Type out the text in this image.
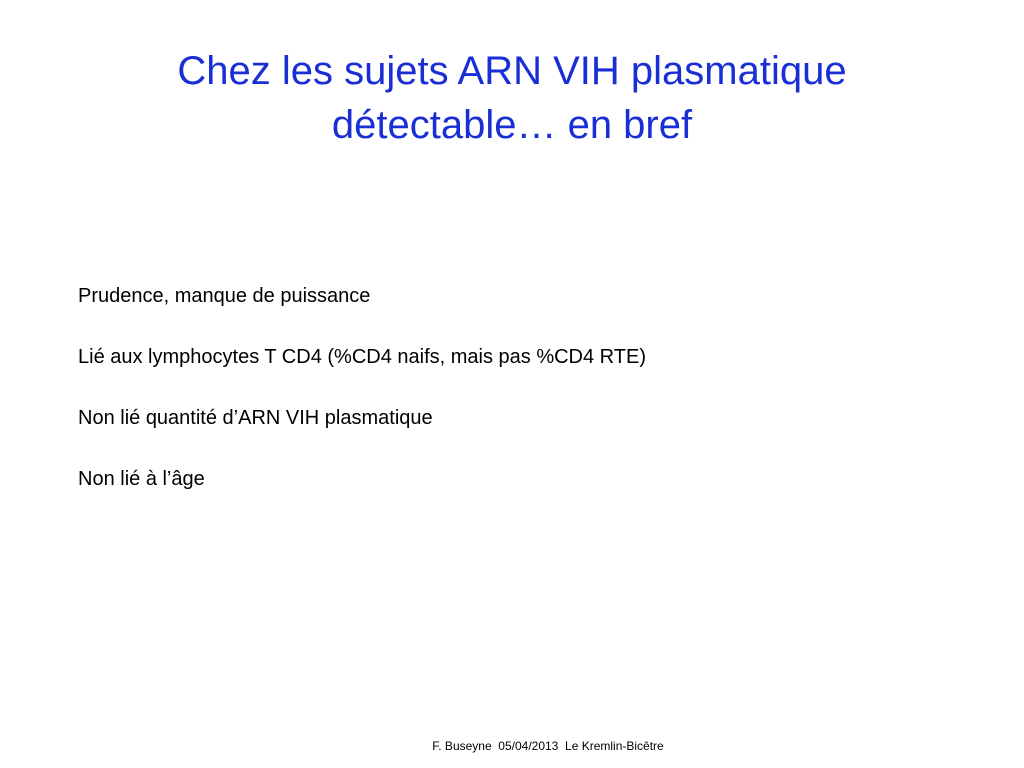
Chez les sujets ARN VIH plasmatique
détectable… en bref
Prudence, manque de puissance
Lié aux lymphocytes T CD4 (%CD4 naifs, mais pas %CD4 RTE)
Non lié quantité d’ARN VIH plasmatique
Non lié à l’âge
F. Buseyne  05/04/2013  Le Kremlin-Bicêtre
